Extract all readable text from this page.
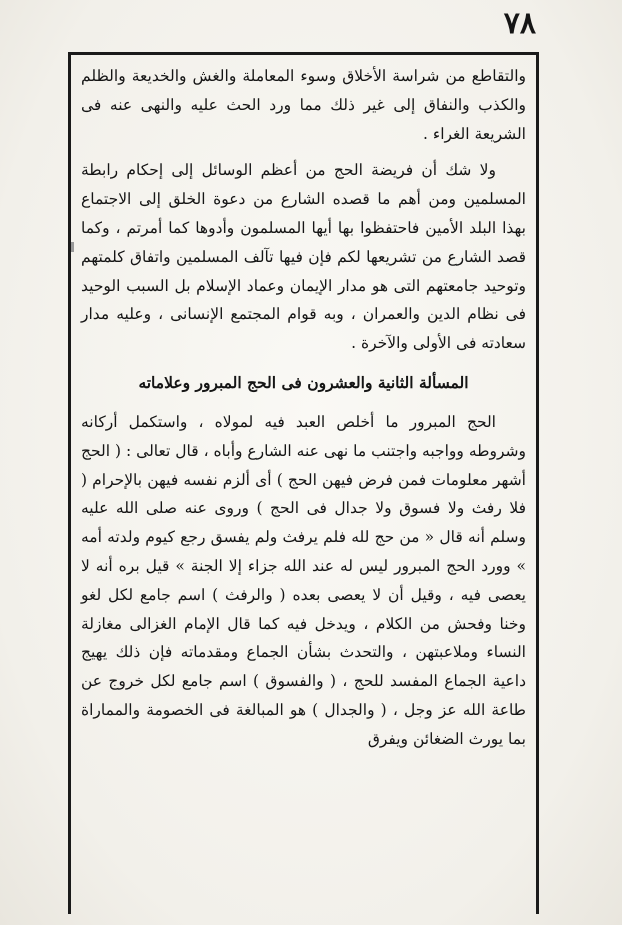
٧٨

والتقاطع من شراسة الأخلاق وسوء المعاملة والغش والخديعة والظلم والكذب والنفاق إلى غير ذلك مما ورد الحث عليه والنهى عنه فى الشريعة الغراء .

ولا شك أن فريضة الحج من أعظم الوسائل إلى إحكام رابطة المسلمين ومن أهم ما قصده الشارع من دعوة الخلق إلى الاجتماع بهذا البلد الأمين فاحتفظوا بها أيها المسلمون وأدوها كما أمرتم ، وكما قصد الشارع من تشريعها لكم فإن فيها تآلف المسلمين واتفاق كلمتهم وتوحيد جامعتهم التى هو مدار الإيمان وعماد الإسلام بل السبب الوحيد فى نظام الدين والعمران ، وبه قوام المجتمع الإنسانى ، وعليه مدار سعادته فى الأولى والآخرة .

المسألة الثانية والعشرون فى الحج المبرور وعلاماته

الحج المبرور ما أخلص العبد فيه لمولاه ، واستكمل أركانه وشروطه وواجبه واجتنب ما نهى عنه الشارع وأباه ، قال تعالى : ( الحج أشهر معلومات فمن فرض فيهن الحج ) أى ألزم نفسه فيهن بالإحرام ( فلا رفث ولا فسوق ولا جدال فى الحج ) وروى عنه صلى الله عليه وسلم أنه قال « من حج لله فلم يرفث ولم يفسق رجع كيوم ولدته أمه » وورد الحج المبرور ليس له عند الله جزاء إلا الجنة » قيل بره أنه لا يعصى فيه ، وقيل أن لا يعصى بعده ( والرفث ) اسم جامع لكل لغو وخنا وفحش من الكلام ، ويدخل فيه كما قال الإمام الغزالى مغازلة النساء وملاعبتهن ، والتحدث بشأن الجماع ومقدماته فإن ذلك يهيج داعية الجماع المفسد للحج ، ( والفسوق ) اسم جامع لكل خروج عن طاعة الله عز وجل ، ( والجدال ) هو المبالغة فى الخصومة والمماراة بما يورث الضغائن ويفرق
